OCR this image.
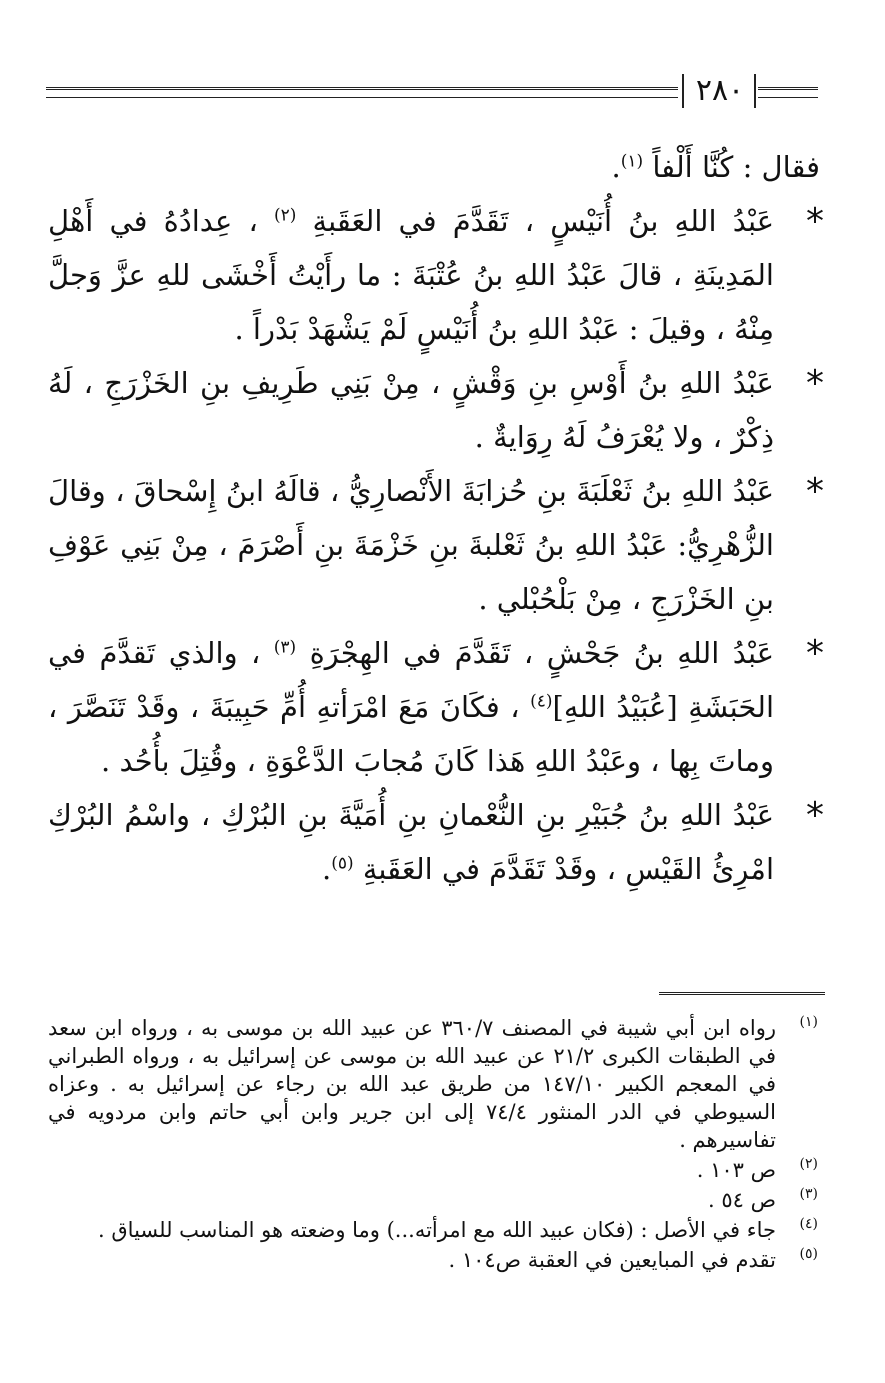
٢٨٠

فقال : كُنَّا أَلْفاً $^{(١)}$.

*
عَبْدُ اللهِ بنُ أُنَيْسٍ ، تَقَدَّمَ في العَقَبةِ $^{(٢)}$ ، عِدادُهُ في أَهْلِ المَدِينَةِ ، قالَ عَبْدُ اللهِ بنُ عُتْبَةَ : ما رأَيْتُ أَخْشَى للهِ عزَّ وَجلَّ مِنْهُ ، وقيلَ : عَبْدُ اللهِ بنُ أُنَيْسٍ لَمْ يَشْهَدْ بَدْراً .

*
عَبْدُ اللهِ بنُ أَوْسِ بنِ وَقْشٍ ، مِنْ بَنِي طَرِيفِ بنِ الخَزْرَجِ ، لَهُ ذِكْرٌ ، ولا يُعْرَفُ لَهُ رِوَايةٌ .

*
عَبْدُ اللهِ بنُ ثَعْلَبَةَ بنِ حُزابَةَ الأَنْصارِيُّ ، قالَهُ ابنُ إِسْحاقَ ، وقالَ الزُّهْرِيُّ: عَبْدُ اللهِ بنُ ثَعْلبةَ بنِ خَزْمَةَ بنِ أَصْرَمَ ، مِنْ بَنِي عَوْفِ بنِ الخَزْرَجِ ، مِنْ بَلْحُبْلي .

*
عَبْدُ اللهِ بنُ جَحْشٍ ، تَقَدَّمَ في الهِجْرَةِ $^{(٣)}$ ، والذي تَقدَّمَ في الحَبَشَةِ [عُبَيْدُ اللهِ]$^{(٤)}$ ، فكَانَ مَعَ امْرَأتهِ أُمِّ حَبِيبَةَ ، وقَدْ تَنَصَّرَ ، وماتَ بِها ، وعَبْدُ اللهِ هَذا كَانَ مُجابَ الدَّعْوَةِ ، وقُتِلَ بأُحُد .

*
عَبْدُ اللهِ بنُ جُبَيْرِ بنِ النُّعْمانِ بنِ أُمَيَّةَ بنِ البُرْكِ ، واسْمُ البُرْكِ امْرِئُ القَيْسِ ، وقَدْ تَقَدَّمَ في العَقَبةِ $^{(٥)}$.

(١)
رواه ابن أبي شيبة في المصنف ٣٦٠/٧ عن عبيد الله بن موسى به ، ورواه ابن سعد في الطبقات الكبرى ٢١/٢ عن عبيد الله بن موسى عن إسرائيل به ، ورواه الطبراني في المعجم الكبير ١٤٧/١٠ من طريق عبد الله بن رجاء عن إسرائيل به . وعزاه السيوطي في الدر المنثور ٧٤/٤ إلى ابن جرير وابن أبي حاتم وابن مردويه في تفاسيرهم .

(٢)
ص ١٠٣ .

(٣)
ص ٥٤ .

(٤)
جاء في الأصل : (فكان عبيد الله مع امرأته...) وما وضعته هو المناسب للسياق .

(٥)
تقدم في المبايعين في العقبة ص١٠٤ .
